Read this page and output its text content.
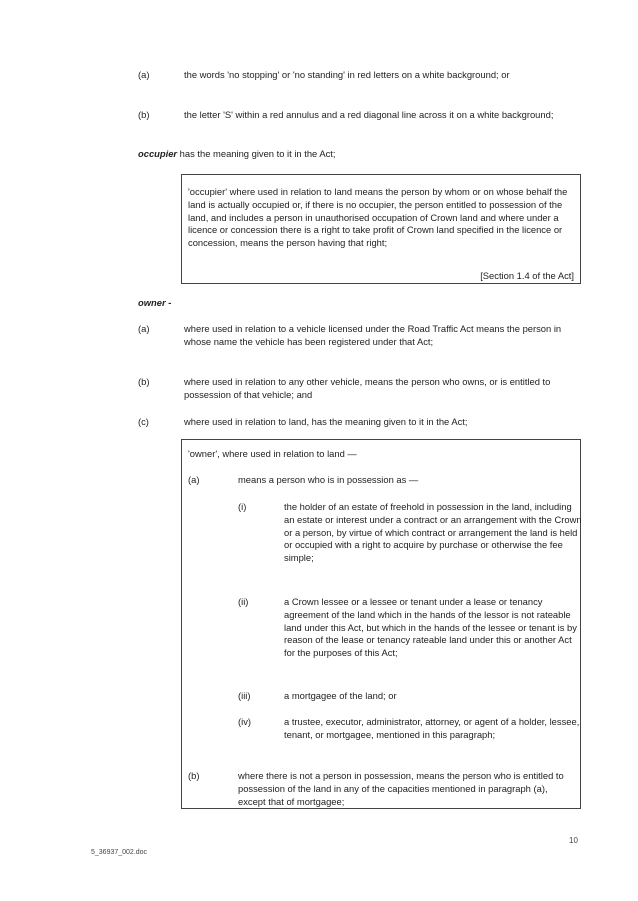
(a)	the words 'no stopping' or 'no standing' in red letters on a white background; or
(b)	the letter 'S' within a red annulus and a red diagonal line across it on a white background;
occupier has the meaning given to it in the Act;
'occupier' where used in relation to land means the person by whom or on whose behalf the land is actually occupied or, if there is no occupier, the person entitled to possession of the land, and includes a person in unauthorised occupation of Crown land and where under a licence or concession there is a right to take profit of Crown land specified in the licence or concession, means the person having that right;
[Section 1.4 of the Act]
owner -
(a)	where used in relation to a vehicle licensed under the Road Traffic Act means the person in whose name the vehicle has been registered under that Act;
(b)	where used in relation to any other vehicle, means the person who owns, or is entitled to possession of that vehicle; and
(c)	where used in relation to land, has the meaning given to it in the Act;
'owner', where used in relation to land —
(a)	means a person who is in possession as —
(i)	the holder of an estate of freehold in possession in the land, including an estate or interest under a contract or an arrangement with the Crown or a person, by virtue of which contract or arrangement the land is held or occupied with a right to acquire by purchase or otherwise the fee simple;
(ii)	a Crown lessee or a lessee or tenant under a lease or tenancy agreement of the land which in the hands of the lessor is not rateable land under this Act, but which in the hands of the lessee or tenant is by reason of the lease or tenancy rateable land under this or another Act for the purposes of this Act;
(iii)	a mortgagee of the land; or
(iv)	a trustee, executor, administrator, attorney, or agent of a holder, lessee, tenant, or mortgagee, mentioned in this paragraph;
(b)	where there is not a person in possession, means the person who is entitled to possession of the land in any of the capacities mentioned in paragraph (a), except that of mortgagee;
10
5_36937_002.doc
